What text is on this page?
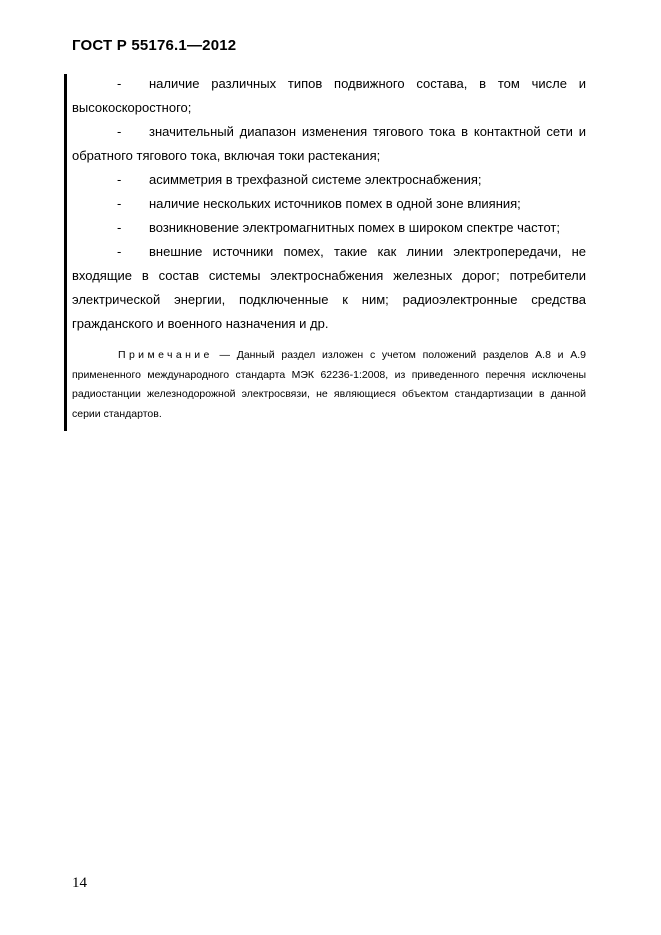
ГОСТ Р 55176.1—2012
- наличие различных типов подвижного состава, в том числе и высокоскоростного;
- значительный диапазон изменения тягового тока в контактной сети и обратного тягового тока, включая токи растекания;
- асимметрия в трехфазной системе электроснабжения;
- наличие нескольких источников помех в одной зоне влияния;
- возникновение электромагнитных помех в широком спектре частот;
- внешние источники помех, такие как линии электропередачи, не входящие в состав системы электроснабжения железных дорог; потребители электрической энергии, подключенные к ним; радиоэлектронные средства гражданского и военного назначения и др.
Примечание — Данный раздел изложен с учетом положений разделов А.8 и А.9 примененного международного стандарта МЭК 62236-1:2008, из приведенного перечня исключены радиостанции железнодорожной электросвязи, не являющиеся объектом стандартизации в данной серии стандартов.
14
